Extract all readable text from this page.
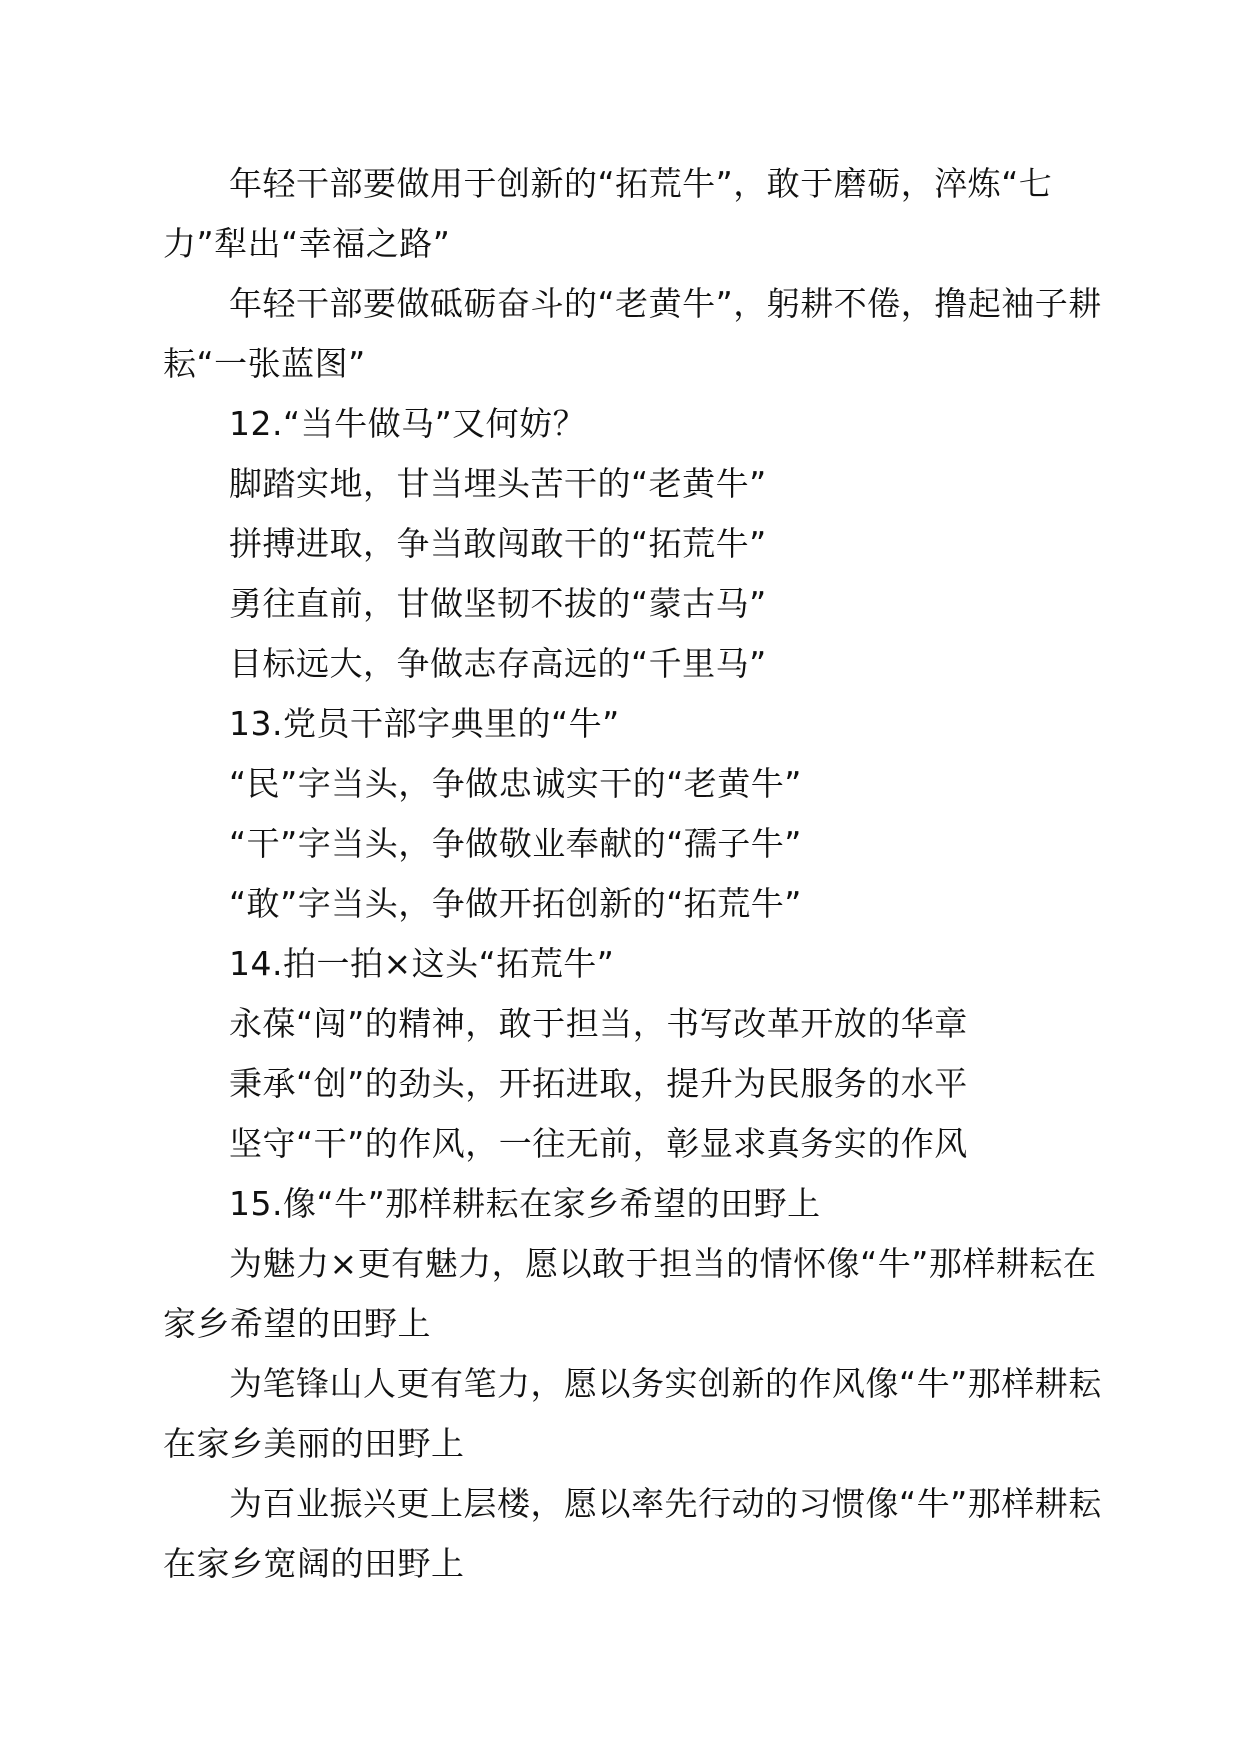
年轻干部要做用于创新的“拓荒牛”，敢于磨砺，淬炼“七力”犁出“幸福之路”

年轻干部要做砥砺奋斗的“老黄牛”，躬耕不倦，撸起袖子耕耘“一张蓝图”

12.“当牛做马”又何妨？

脚踏实地，甘当埋头苦干的“老黄牛”

拼搏进取，争当敢闯敢干的“拓荒牛”

勇往直前，甘做坚韧不拔的“蒙古马”

目标远大，争做志存高远的“千里马”

13.党员干部字典里的“牛”

“民”字当头，争做忠诚实干的“老黄牛”

“干”字当头，争做敬业奉献的“孺子牛”

“敢”字当头，争做开拓创新的“拓荒牛”

14.拍一拍×这头“拓荒牛”

永葆“闯”的精神，敢于担当，书写改革开放的华章

秉承“创”的劲头，开拓进取，提升为民服务的水平

坚守“干”的作风，一往无前，彰显求真务实的作风

15.像“牛”那样耕耘在家乡希望的田野上

为魅力×更有魅力，愿以敢于担当的情怀像“牛”那样耕耘在家乡希望的田野上

为笔锋山人更有笔力，愿以务实创新的作风像“牛”那样耕耘在家乡美丽的田野上

为百业振兴更上层楼，愿以率先行动的习惯像“牛”那样耕耘在家乡宽阔的田野上
